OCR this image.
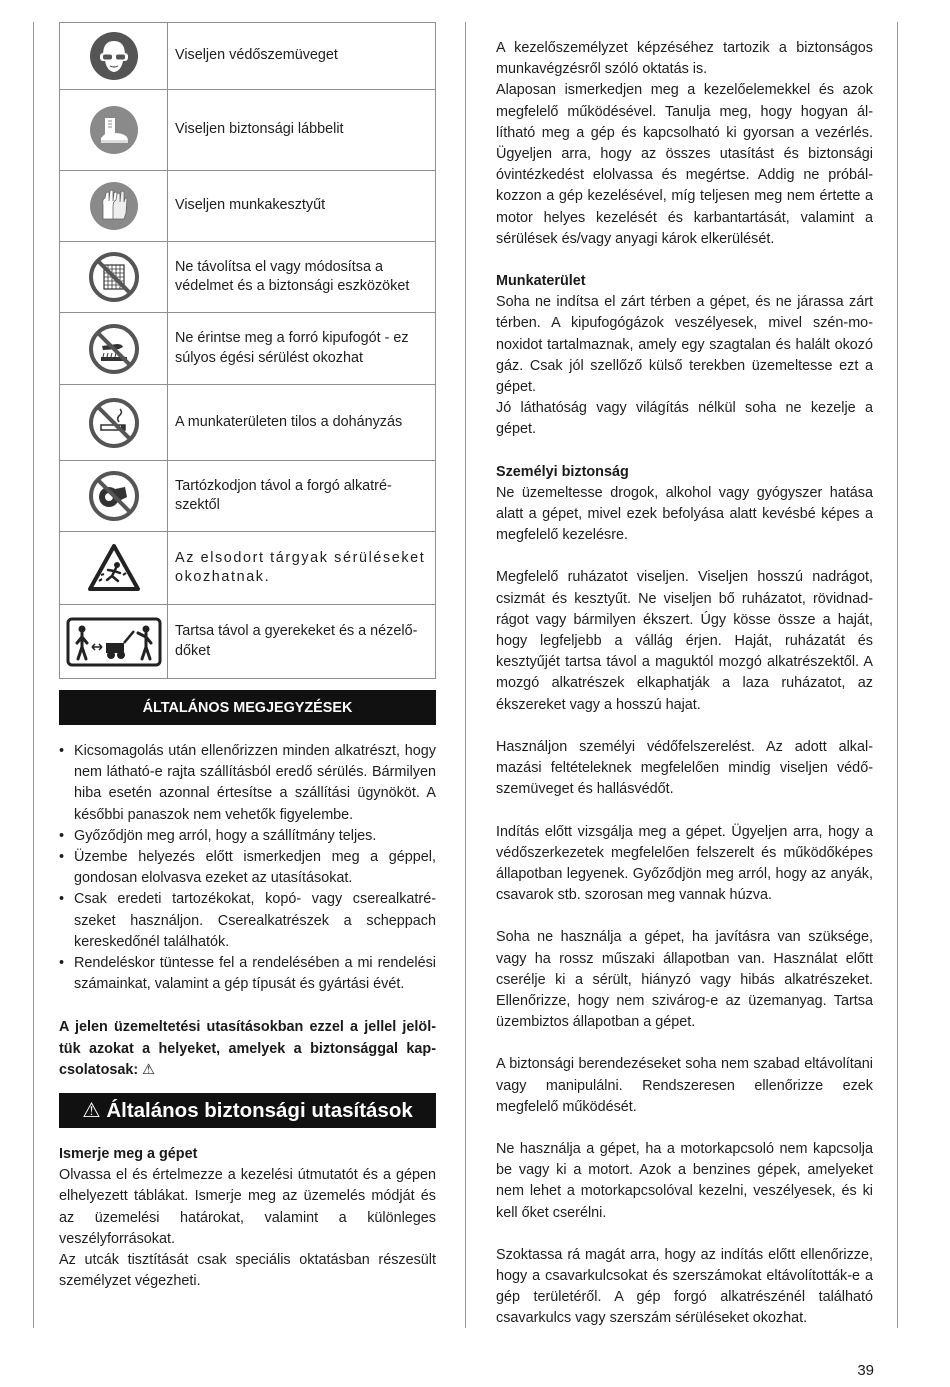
	Viseljen védőszemüveget

	Viseljen biztonsági lábbelit

	Viseljen munkakesztyűt

	Ne távolítsa el vagy módosítsa a védelmet és a biztonsági eszközöket

	Ne érintse meg a forró kipufogót - ez súlyos égési sérülést okozhat

	A munkaterületen tilos a dohányzás

	Tartózkodjon távol a forgó alkatrészektől

	Az elsodort tárgyak sérüléseket okozhatnak.

	Tartsa távol a gyerekeket és a nézelődőket
ÁLTALÁNOS MEGJEGYZÉSEK
• Kicsomagolás után ellenőrizzen minden alkatrészt, hogy nem látható-e rajta szállításból eredő sérülés. Bármilyen hiba esetén azonnal értesítse a szállítási ügynököt. A későbbi panaszok nem vehetők figyelembe.
• Győződjön meg arról, hogy a szállítmány teljes.
• Üzembe helyezés előtt ismerkedjen meg a géppel, gondosan elolvasva ezeket az utasításokat.
• Csak eredeti tartozékokat, kopó- vagy cserealkatrészeket használjon. Cserealkatrészek a scheppach kereskedőnél találhatók.
• Rendeléskor tüntesse fel a rendelésében a mi rendelési számainkat, valamint a gép típusát és gyártási évét.
A jelen üzemeltetési utasításokban ezzel a jellel jelöltük azokat a helyeket, amelyek a biztonsággal kapcsolatosak: ⚠
⚠ Általános biztonsági utasítások
Ismerje meg a gépet

Olvassa el és értelmezze a kezelési útmutatót és a gépen elhelyezett táblákat. Ismerje meg az üzemelés módját és az üzemelési határokat, valamint a különleges veszélyforrásokat.

Az utcák tisztítását csak speciális oktatásban részesült személyzet végezheti.

A kezelőszemélyzet képzéséhez tartozik a biztonságos munkavégzésről szóló oktatás is.

Alaposan ismerkedjen meg a kezelőelemekkel és azok megfelelő működésével. Tanulja meg, hogy hogyan állítható meg a gép és kapcsolható ki gyorsan a vezérlés. Ügyeljen arra, hogy az összes utasítást és biztonsági óvintézkedést elolvassa és megértse. Addig ne próbálkozzon a gép kezelésével, míg teljesen meg nem értette a motor helyes kezelését és karbantartását, valamint a sérülések és/vagy anyagi károk elkerülését.

Munkaterület

Soha ne indítsa el zárt térben a gépet, és ne járassa zárt térben. A kipufogógázok veszélyesek, mivel szén-monoxidot tartalmaznak, amely egy szagtalan és halált okozó gáz. Csak jól szellőző külső terekben üzemeltesse ezt a gépet.

Jó láthatóság vagy világítás nélkül soha ne kezelje a gépet.

Személyi biztonság

Ne üzemeltesse drogok, alkohol vagy gyógyszer hatása alatt a gépet, mivel ezek befolyása alatt kevésbé képes a megfelelő kezelésre.

Megfelelő ruházatot viseljen. Viseljen hosszú nadrágot, csizmát és kesztyűt. Ne viseljen bő ruházatot, rövidnadrágot vagy bármilyen ékszert. Úgy kösse össze a haját, hogy legfeljebb a vállág érjen. Haját, ruházatát és kesztyűjét tartsa távol a maguktól mozgó alkatrészektől. A mozgó alkatrészek elkaphatják a laza ruházatot, az ékszereket vagy a hosszú hajat.

Használjon személyi védőfelszerelést. Az adott alkalmazási feltételeknek megfelelően mindig viseljen védőszemüveget és hallásvédőt.

Indítás előtt vizsgálja meg a gépet. Ügyeljen arra, hogy a védőszerkezetek megfelelően felszerelt és működőképes állapotban legyenek. Győződjön meg arról, hogy az anyák, csavarok stb. szorosan meg vannak húzva.

Soha ne használja a gépet, ha javításra van szüksége, vagy ha rossz műszaki állapotban van. Használat előtt cserélje ki a sérült, hiányzó vagy hibás alkatrészeket. Ellenőrizze, hogy nem szivárog-e az üzemanyag. Tartsa üzembiztos állapotban a gépet.

A biztonsági berendezéseket soha nem szabad eltávolítani vagy manipulálni. Rendszeresen ellenőrizze ezek megfelelő működését.

Ne használja a gépet, ha a motorkapcsoló nem kapcsolja be vagy ki a motort. Azok a benzines gépek, amelyeket nem lehet a motorkapcsolóval kezelni, veszélyesek, és ki kell őket cserélni.

Szoktassa rá magát arra, hogy az indítás előtt ellenőrizze, hogy a csavarkulcsokat és szerszámokat eltávolították-e a gép területéről. A gép forgó alkatrészénél található csavarkulcs vagy szerszám sérüléseket okozhat.

39
